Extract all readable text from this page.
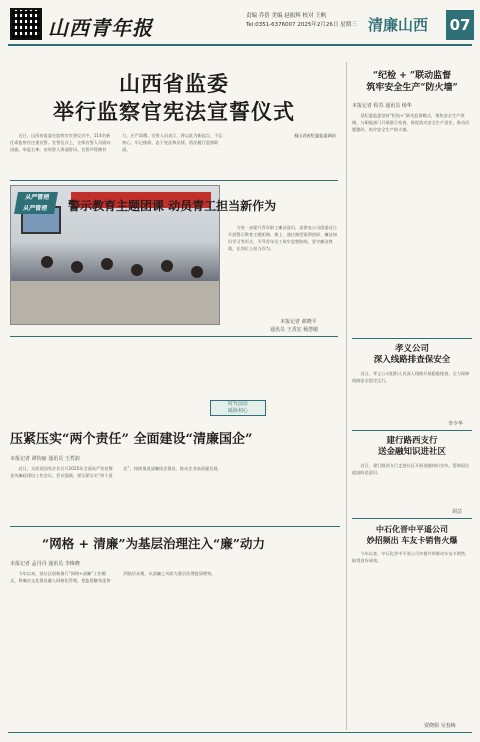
山西青年报	责编 乔蓓 美编 赵振辉 校对 王帆
Tel:0351-6376007 2025年2月26日 星期三 清廉山西 07
山西省监委
举行监察官宪法宣誓仪式

近日，山西省监委在监察官宣誓仪式中，114名新任命监察官庄重宣誓。宣誓仪式上，全体宣誓人员面向国旗，举起右拳，由领誓人领诵誓词。宣誓声铿锵有力，庄严肃穆。宣誓人员表示，将以此为新起点，不忘初心、牢记使命，忠于宪法和法律，依法履行监察职责。

据山西省纪委监委网站

从严管理
从严管理	警示教育主题团课 动员青工担当新作为

为进一步提升青年职工廉洁意识，某供电公司团委近日开展警示教育主题团课。课上，通过典型案例剖析、廉洁知识学习等形式，引导青年员工筑牢思想防线，坚守廉洁底线，在岗位上担当作为。

本报记者 郝晓平
通讯员 王香宏 杨慧敏
时代前沿
砥砺初心
压紧压实“两个责任” 全面建设“清廉国企”
本报记者 谭钧丽 通讯员 王哲韵

近日，太原某国有企业召开2025年全面从严治党暨党风廉政建设工作会议。会议强调，要压紧压实“两个责任”，持续推进清廉国企建设，推动企业高质量发展。

“网格 + 清廉”为基层治理注入“廉”动力
本报记者 孟丹丹 通讯员 李梅晓

今年以来，某社区创新推行“网格+清廉”工作模式，将廉洁文化建设融入网格化管理，把监督触角延伸到基层末梢，以清廉之风助力基层治理提质增效。

“纪检 + ”联动监督
筑牢安全生产“防火墙”
本报记者 程苏 通讯员 杨华

某纪委监委坚持“纪检+”联动监督模式，聚焦安全生产领域，与职能部门开展联合检查，督促落实安全生产责任，推动问题整改，筑牢安全生产防火墙。

孝义公司
深入线路排查保安全

近日，孝义公司组织人员深入线路开展隐患排查，全力保障线路安全稳定运行。

李少华
建行路西支行
送金融知识进社区

近日，建行路西支行走进社区开展金融知识宣传，帮助居民提高防范意识。

胡芸
中石化晋中平遥公司
妙招频出 车友卡销售火爆

今年以来，中石化晋中平遥公司多措并举推动车友卡销售，取得良好成效。

贾晓娟 吴春梅
